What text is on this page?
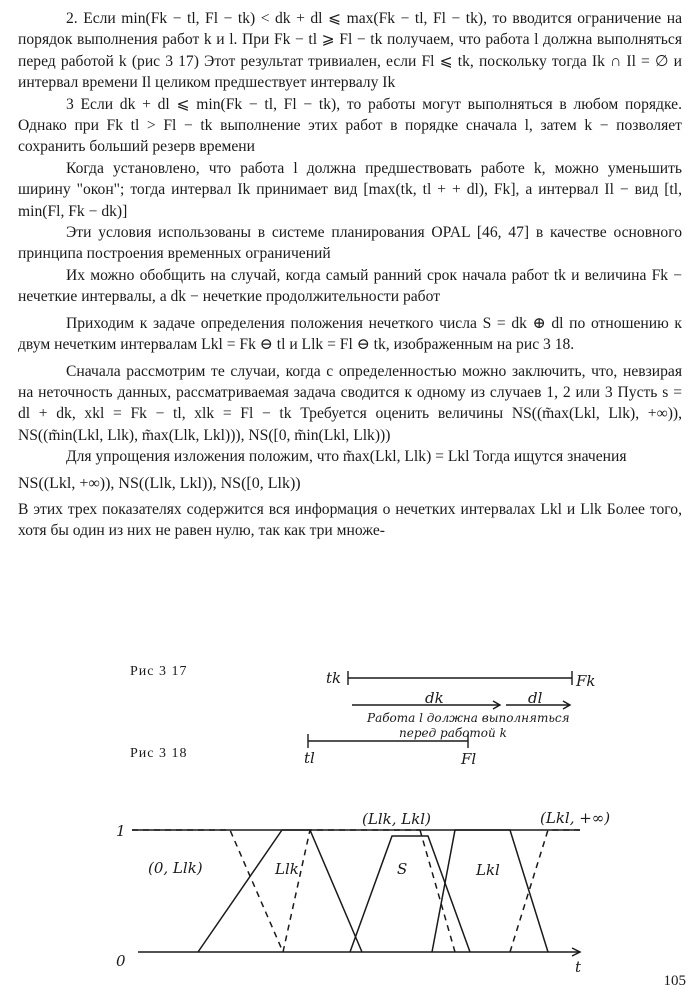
2. Если min(Fk − tl, Fl − tk) < dk + dl ⩽ max(Fk − tl, Fl − tk), то вводится ограничение на порядок выполнения работ k и l. При Fk − tl ⩾ Fl − tk получаем, что работа l должна выполняться перед работой k (рис 3 17) Этот результат тривиален, если Fl ⩽ tk, поскольку тогда Ik ∩ Il = ∅ и интервал времени Il целиком предшествует интервалу Ik

3 Если dk + dl ⩽ min(Fk − tl, Fl − tk), то работы могут выполняться в любом порядке. Однако при Fk tl > Fl − tk выполнение этих работ в порядке сначала l, затем k − позволяет сохранить больший резерв времени

Когда установлено, что работа l должна предшествовать работе k, можно уменьшить ширину "окон"; тогда интервал Ik принимает вид [max(tk, tl + + dl), Fk], а интервал Il − вид [tl, min(Fl, Fk − dk)]

Эти условия использованы в системе планирования OPAL [46, 47] в качестве основного принципа построения временных ограничений

Их можно обобщить на случай, когда самый ранний срок начала работ tk и величина Fk − нечеткие интервалы, а dk − нечеткие продолжительности работ

Приходим к задаче определения положения нечеткого числа S = dk ⊕ dl по отношению к двум нечетким интервалам Lkl = Fk ⊖ tl и Llk = Fl ⊖ tk, изображенным на рис 3 18.

Сначала рассмотрим те случаи, когда с определенностью можно заключить, что, невзирая на неточность данных, рассматриваемая задача сводится к одному из случаев 1, 2 или 3 Пусть s = dl + dk, xkl = Fk − tl, xlk = Fl − tk Требуется оценить величины NS((m̃ax(Lkl, Llk), +∞)), NS((m̃in(Lkl, Llk), m̃ax(Llk, Lkl))), NS([0, m̃in(Lkl, Llk)))

Для упрощения изложения положим, что m̃ax(Lkl, Llk) = Lkl Тогда ищутся значения

NS((Lkl, +∞)), NS((Llk, Lkl)), NS([0, Llk))

В этих трех показателях содержится вся информация о нечетких интервалах Lkl и Llk Более того, хотя бы один из них не равен нулю, так как три множе-

Рис 3 17	tk	Fk
dk	dl
Работа l должна выполняться
перед работой k
tl	Fl
1
0	t
(0, Llk)	Llk
(Llk, Lkl)
S	Lkl
(Lkl, +∞)
Рис 3 18
105
